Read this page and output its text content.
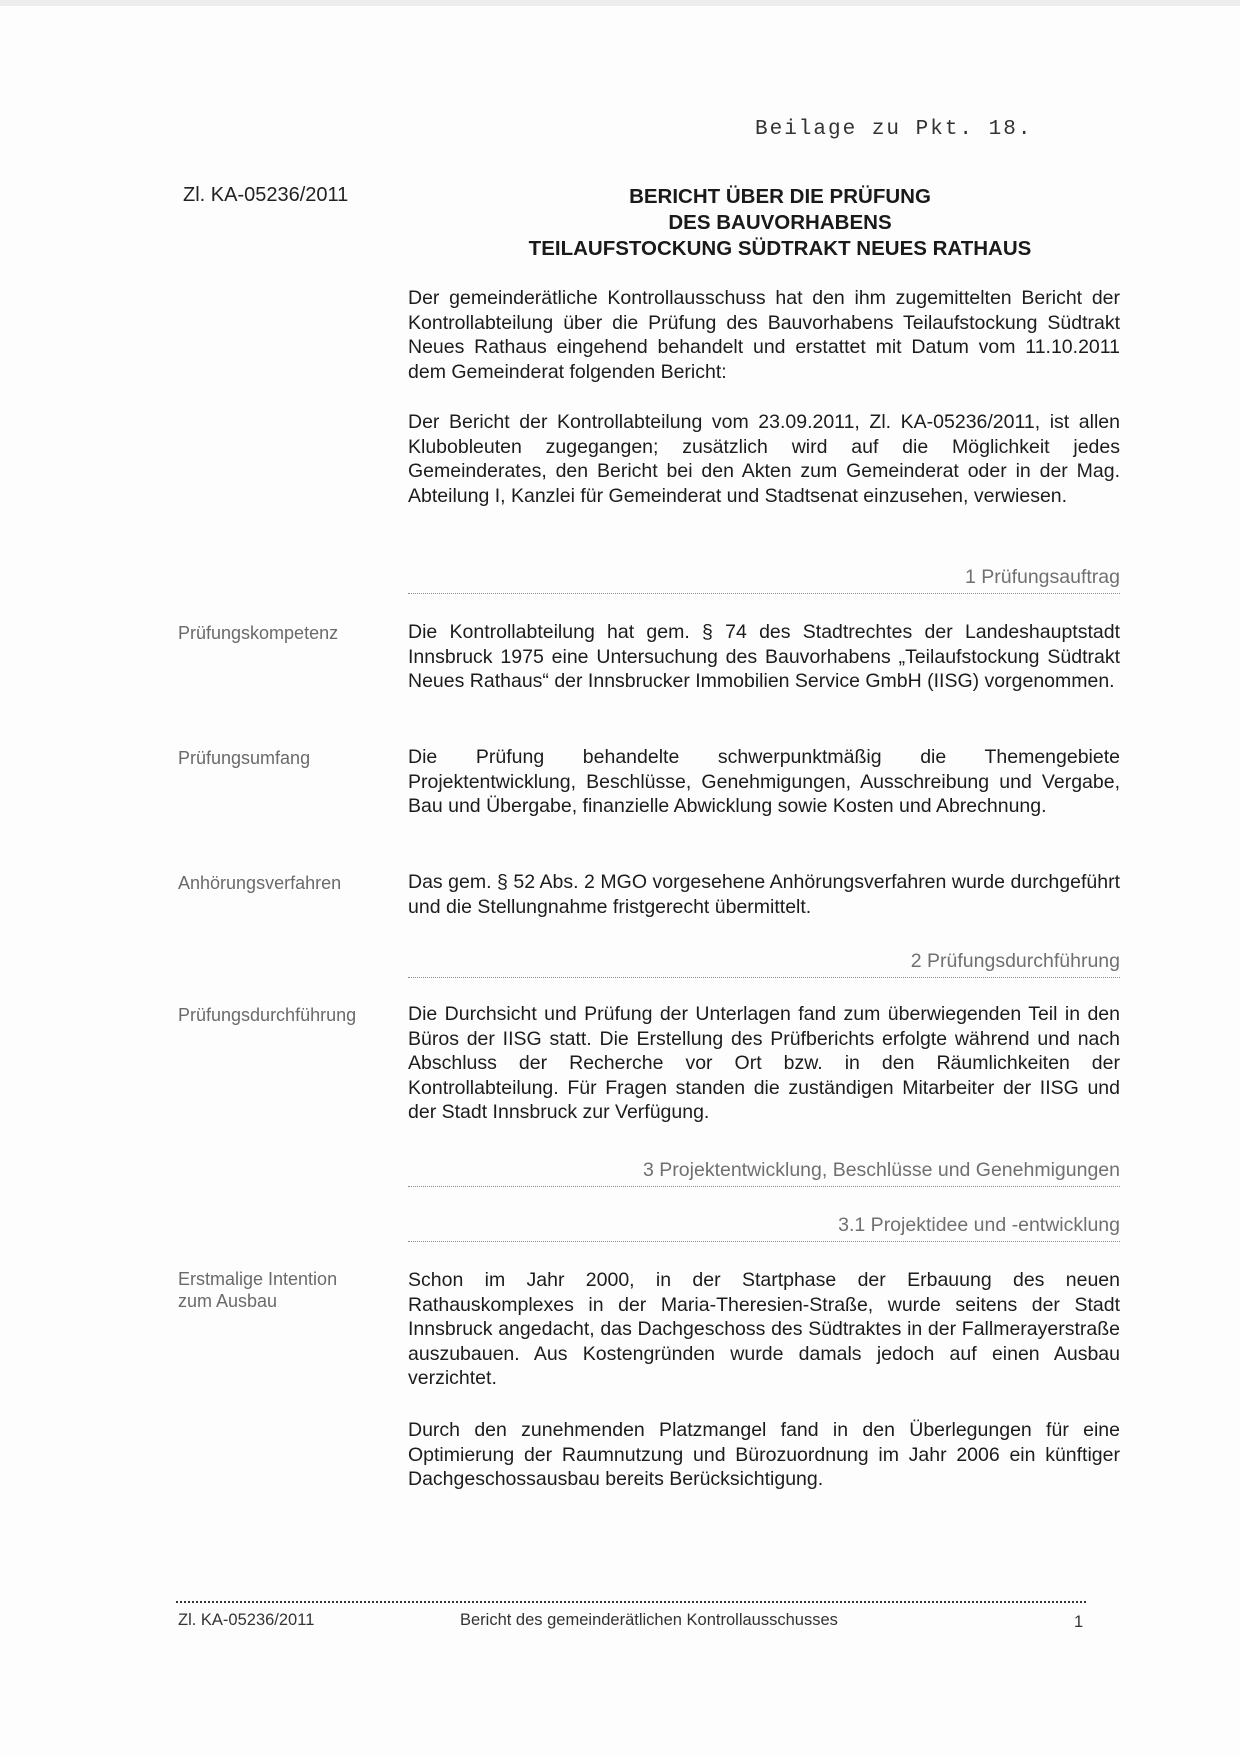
Beilage zu Pkt. 18.
Zl. KA-05236/2011	BERICHT ÜBER DIE PRÜFUNG
DES BAUVORHABENS
TEILAUFSTOCKUNG SÜDTRAKT NEUES RATHAUS
Der gemeinderätliche Kontrollausschuss hat den ihm zugemittelten Bericht der Kontrollabteilung über die Prüfung des Bauvorhabens Teilaufstockung Südtrakt Neues Rathaus eingehend behandelt und erstattet mit Datum vom 11.10.2011 dem Gemeinderat folgenden Bericht:
Der Bericht der Kontrollabteilung vom 23.09.2011, Zl. KA-05236/2011, ist allen Klubobleuten zugegangen; zusätzlich wird auf die Möglichkeit jedes Gemeinderates, den Bericht bei den Akten zum Gemeinderat oder in der Mag. Abteilung I, Kanzlei für Gemeinderat und Stadtsenat einzusehen, verwiesen.
1 Prüfungsauftrag
Prüfungskompetenz	Die Kontrollabteilung hat gem. § 74 des Stadtrechtes der Landeshauptstadt Innsbruck 1975 eine Untersuchung des Bauvorhabens „Teilaufstockung Südtrakt Neues Rathaus“ der Innsbrucker Immobilien Service GmbH (IISG) vorgenommen.
Prüfungsumfang	Die Prüfung behandelte schwerpunktmäßig die Themengebiete Projektentwicklung, Beschlüsse, Genehmigungen, Ausschreibung und Vergabe, Bau und Übergabe, finanzielle Abwicklung sowie Kosten und Abrechnung.
Anhörungsverfahren	Das gem. § 52 Abs. 2 MGO vorgesehene Anhörungsverfahren wurde durchgeführt und die Stellungnahme fristgerecht übermittelt.
2 Prüfungsdurchführung
Prüfungsdurchführung	Die Durchsicht und Prüfung der Unterlagen fand zum überwiegenden Teil in den Büros der IISG statt. Die Erstellung des Prüfberichts erfolgte während und nach Abschluss der Recherche vor Ort bzw. in den Räumlichkeiten der Kontrollabteilung. Für Fragen standen die zuständigen Mitarbeiter der IISG und der Stadt Innsbruck zur Verfügung.
3 Projektentwicklung, Beschlüsse und Genehmigungen
3.1 Projektidee und -entwicklung
Erstmalige Intention
zum Ausbau
Schon im Jahr 2000, in der Startphase der Erbauung des neuen Rathauskomplexes in der Maria-Theresien-Straße, wurde seitens der Stadt Innsbruck angedacht, das Dachgeschoss des Südtraktes in der Fallmerayerstraße auszubauen. Aus Kostengründen wurde damals jedoch auf einen Ausbau verzichtet.
Durch den zunehmenden Platzmangel fand in den Überlegungen für eine Optimierung der Raumnutzung und Bürozuordnung im Jahr 2006 ein künftiger Dachgeschossausbau bereits Berücksichtigung.
Zl. KA-05236/2011	Bericht des gemeinderätlichen Kontrollausschusses	1
